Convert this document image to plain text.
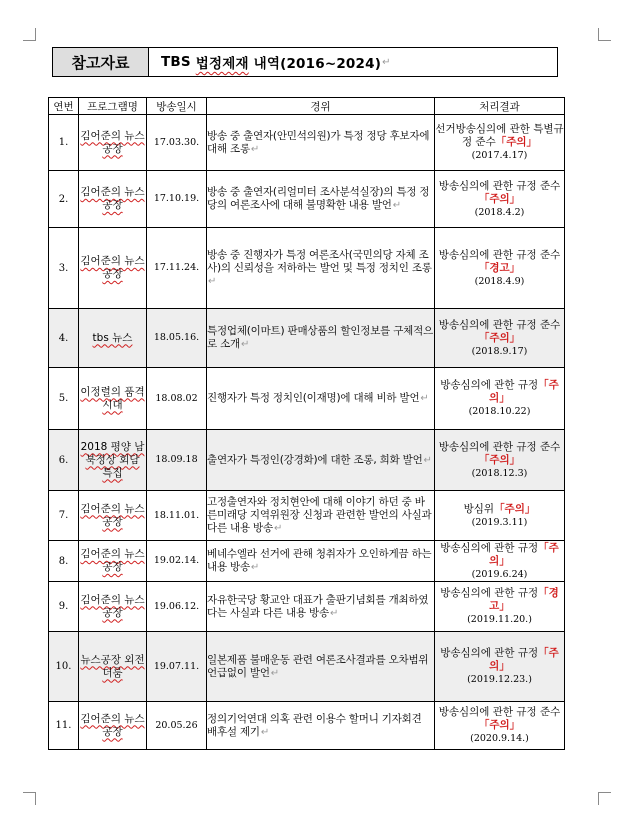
참고자료	TBS 법정제재 내역(2016~2024) ↵
연번	프로그램명	방송일시	경위	처리결과
1.	김어준의 뉴스공장	17.03.30.	방송 중 출연자(안민석의원)가 특정 정당 후보자에 대해 조롱↵	선거방송심의에 관한 특별규정 준수「주의」
(2017.4.17)
2.	김어준의 뉴스공장	17.10.19.	방송 중 출연자(리얼미터 조사분석실장)의 특정 정당의 여론조사에 대해 불명확한 내용 발언↵	방송심의에 관한 규정 준수「주의」
(2018.4.2)
3.	김어준의 뉴스공장	17.11.24.	방송 중 진행자가 특정 여론조사(국민의당 자체 조사)의 신뢰성을 저하하는 발언 및 특정 정치인 조롱↵	방송심의에 관한 규정 준수「경고」
(2018.4.9)
4.	tbs 뉴스	18.05.16.	특정업체(이마트) 판매상품의 할인정보를 구체적으로 소개↵	방송심의에 관한 규정 준수「주의」
(2018.9.17)
5.	이정렬의 품격시대	18.08.02	진행자가 특정 정치인(이재명)에 대해 비하 발언↵	방송심의에 관한 규정「주의」
(2018.10.22)
6.	2018 평양 남북정상 회담 특집	18.09.18	출연자가 특정인(강경화)에 대한 조롱, 희화 발언↵	방송심의에 관한 규정 준수「주의」
(2018.12.3)
7.	김어준의 뉴스공장	18.11.01.	고정출연자와 정치현안에 대해 이야기 하던 중 바른미래당 지역위원장 신청과 관련한 발언의 사실과 다른 내용 방송↵	방심위「주의」
(2019.3.11)
8.	김어준의 뉴스공장	19.02.14.	베네수엘라 선거에 관해 청취자가 오인하게끔 하는 내용 방송↵	방송심의에 관한 규정「주의」
(2019.6.24)
9.	김어준의 뉴스공장	19.06.12.	자유한국당 황교안 대표가 출판기념회를 개최하였다는 사실과 다른 내용 방송↵	방송심의에 관한 규정「경고」
(2019.11.20.)
10.	뉴스공장 외전 더룸	19.07.11.	일본제품 불매운동 관련 여론조사결과를 오차범위 언급없이 발언↵	방송심의에 관한 규정「주의」
(2019.12.23.)
11.	김어준의 뉴스공장	20.05.26	정의기억연대 의혹 관련 이용수 할머니 기자회견 배후설 제기↵	방송심의에 관한 규정 준수「주의」
(2020.9.14.)
